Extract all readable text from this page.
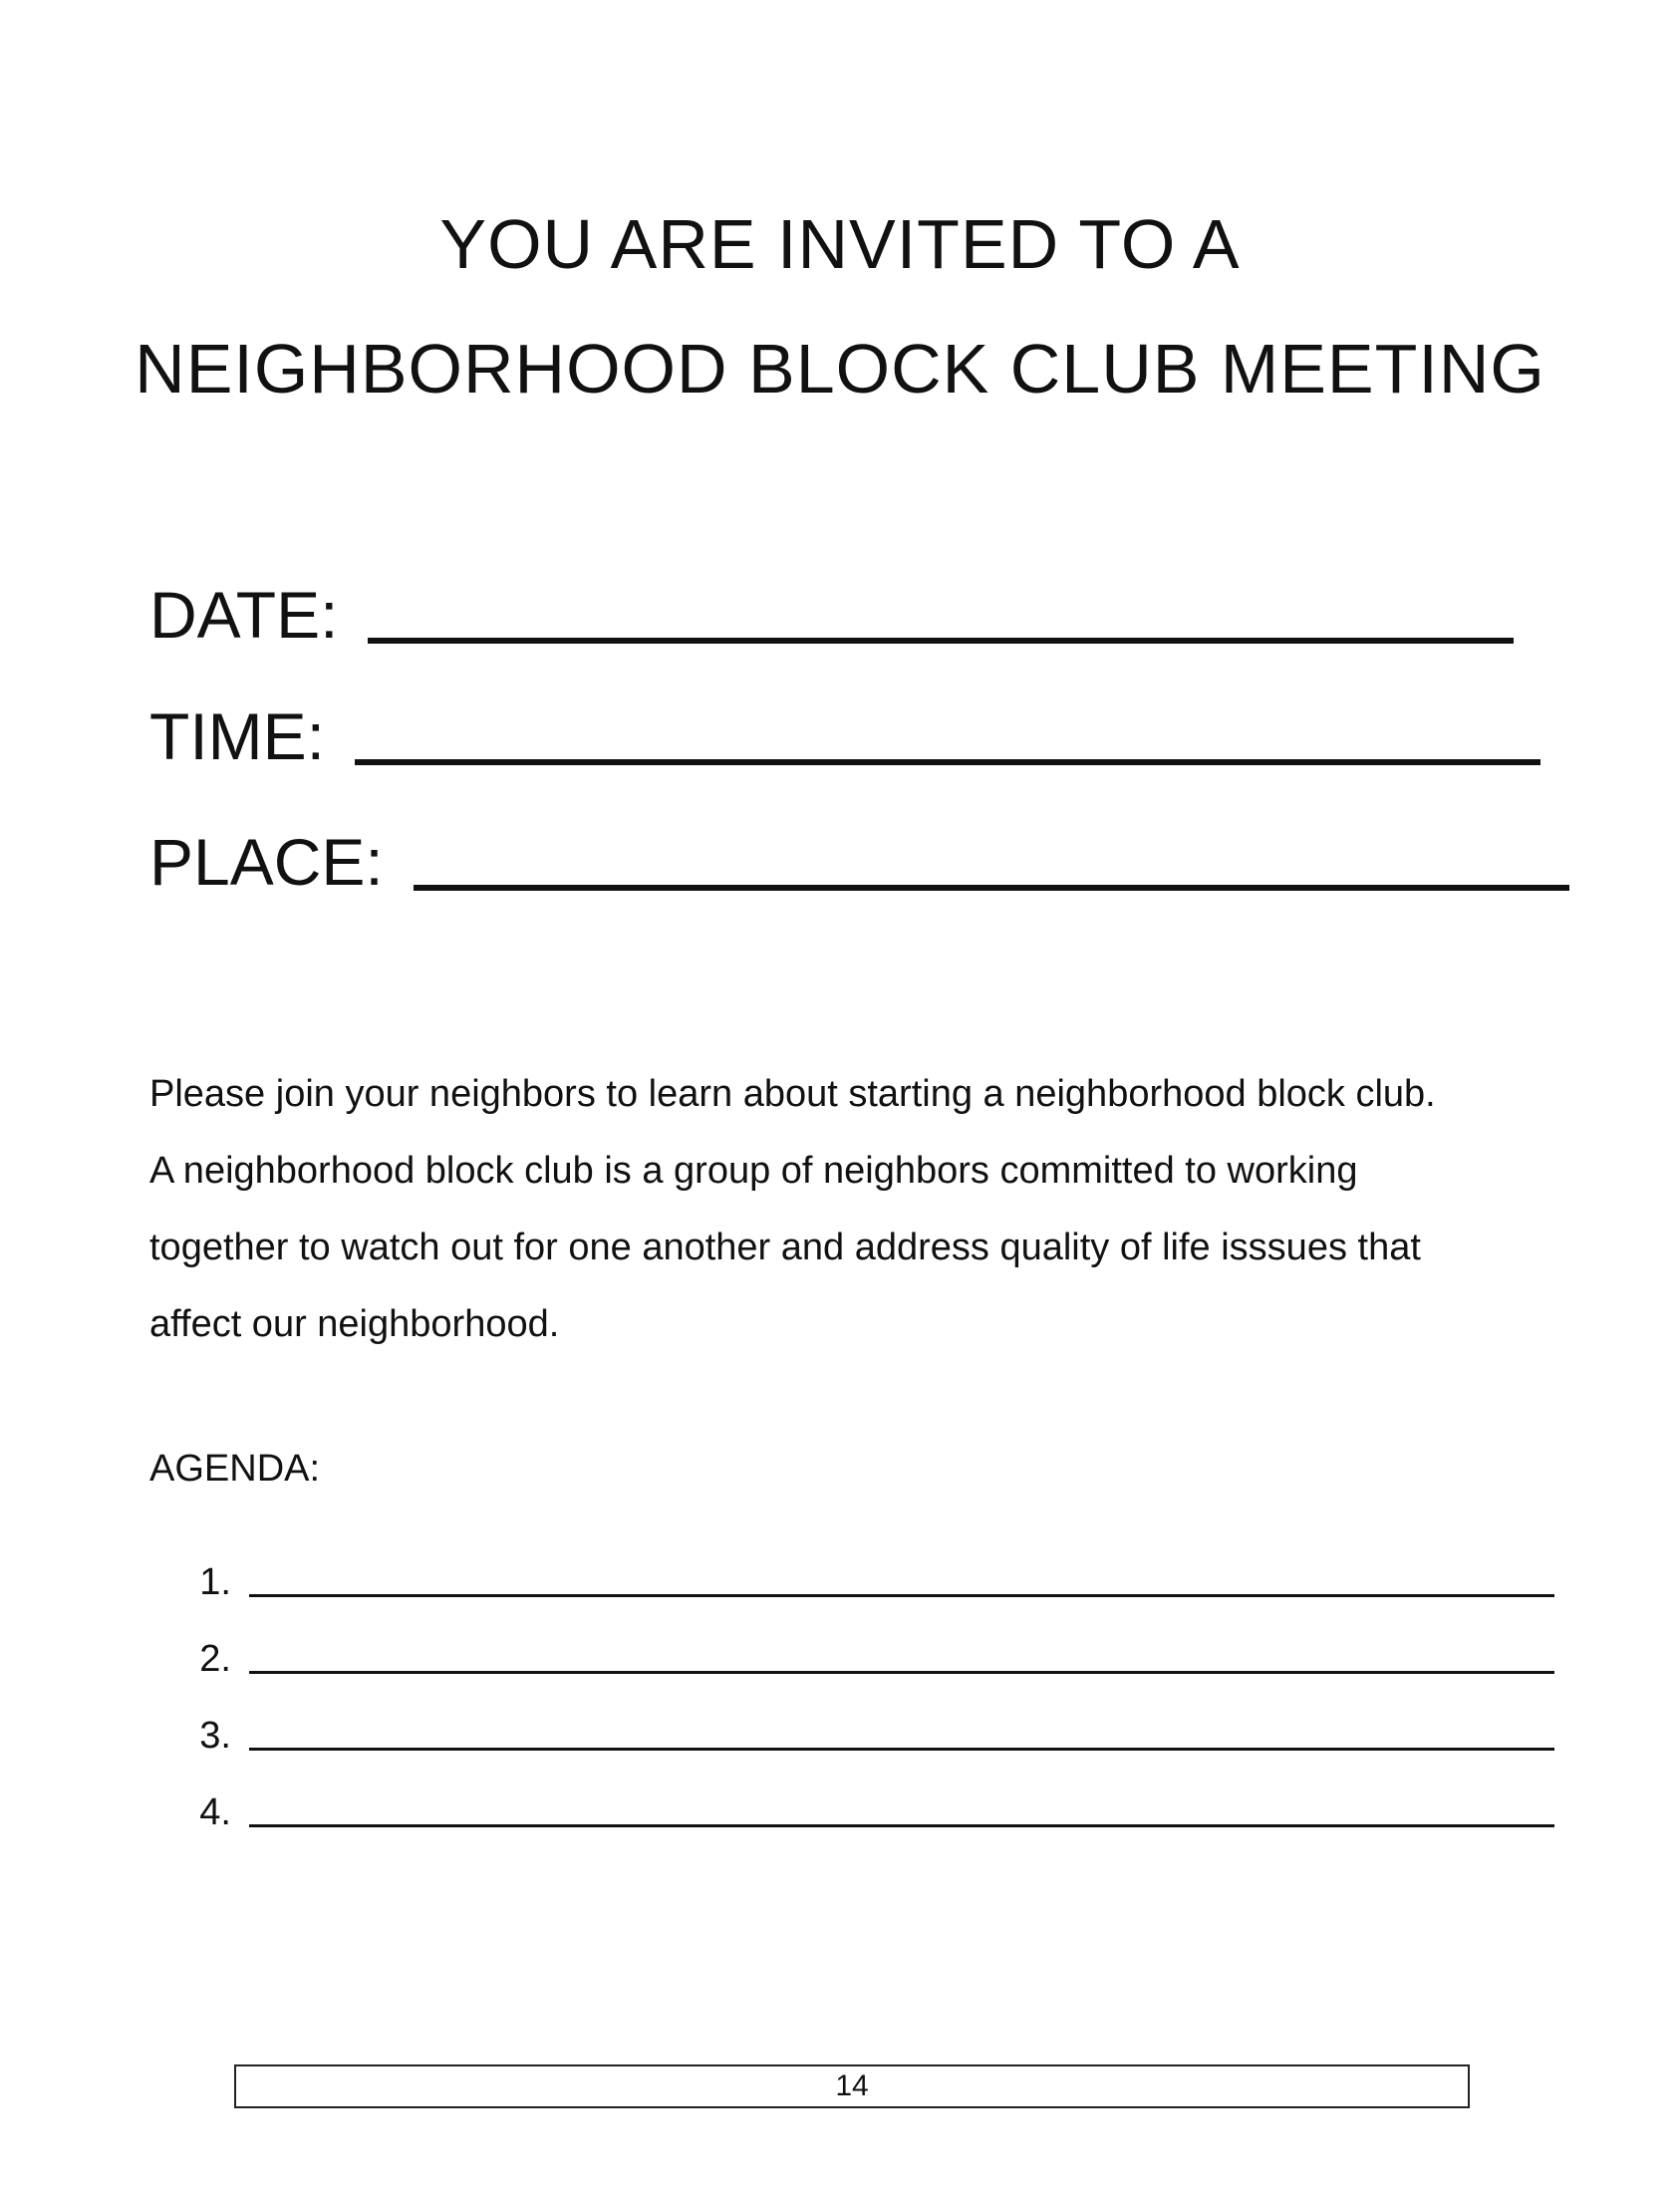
YOU ARE INVITED TO A
NEIGHBORHOOD BLOCK CLUB MEETING
DATE:
TIME:
PLACE:
Please join your neighbors to learn about starting a neighborhood block club.
A neighborhood block club is a group of neighbors committed to working
together to watch out for one another and address quality of life isssues that
affect our neighborhood.
AGENDA:
1.
2.
3.
4.
14
